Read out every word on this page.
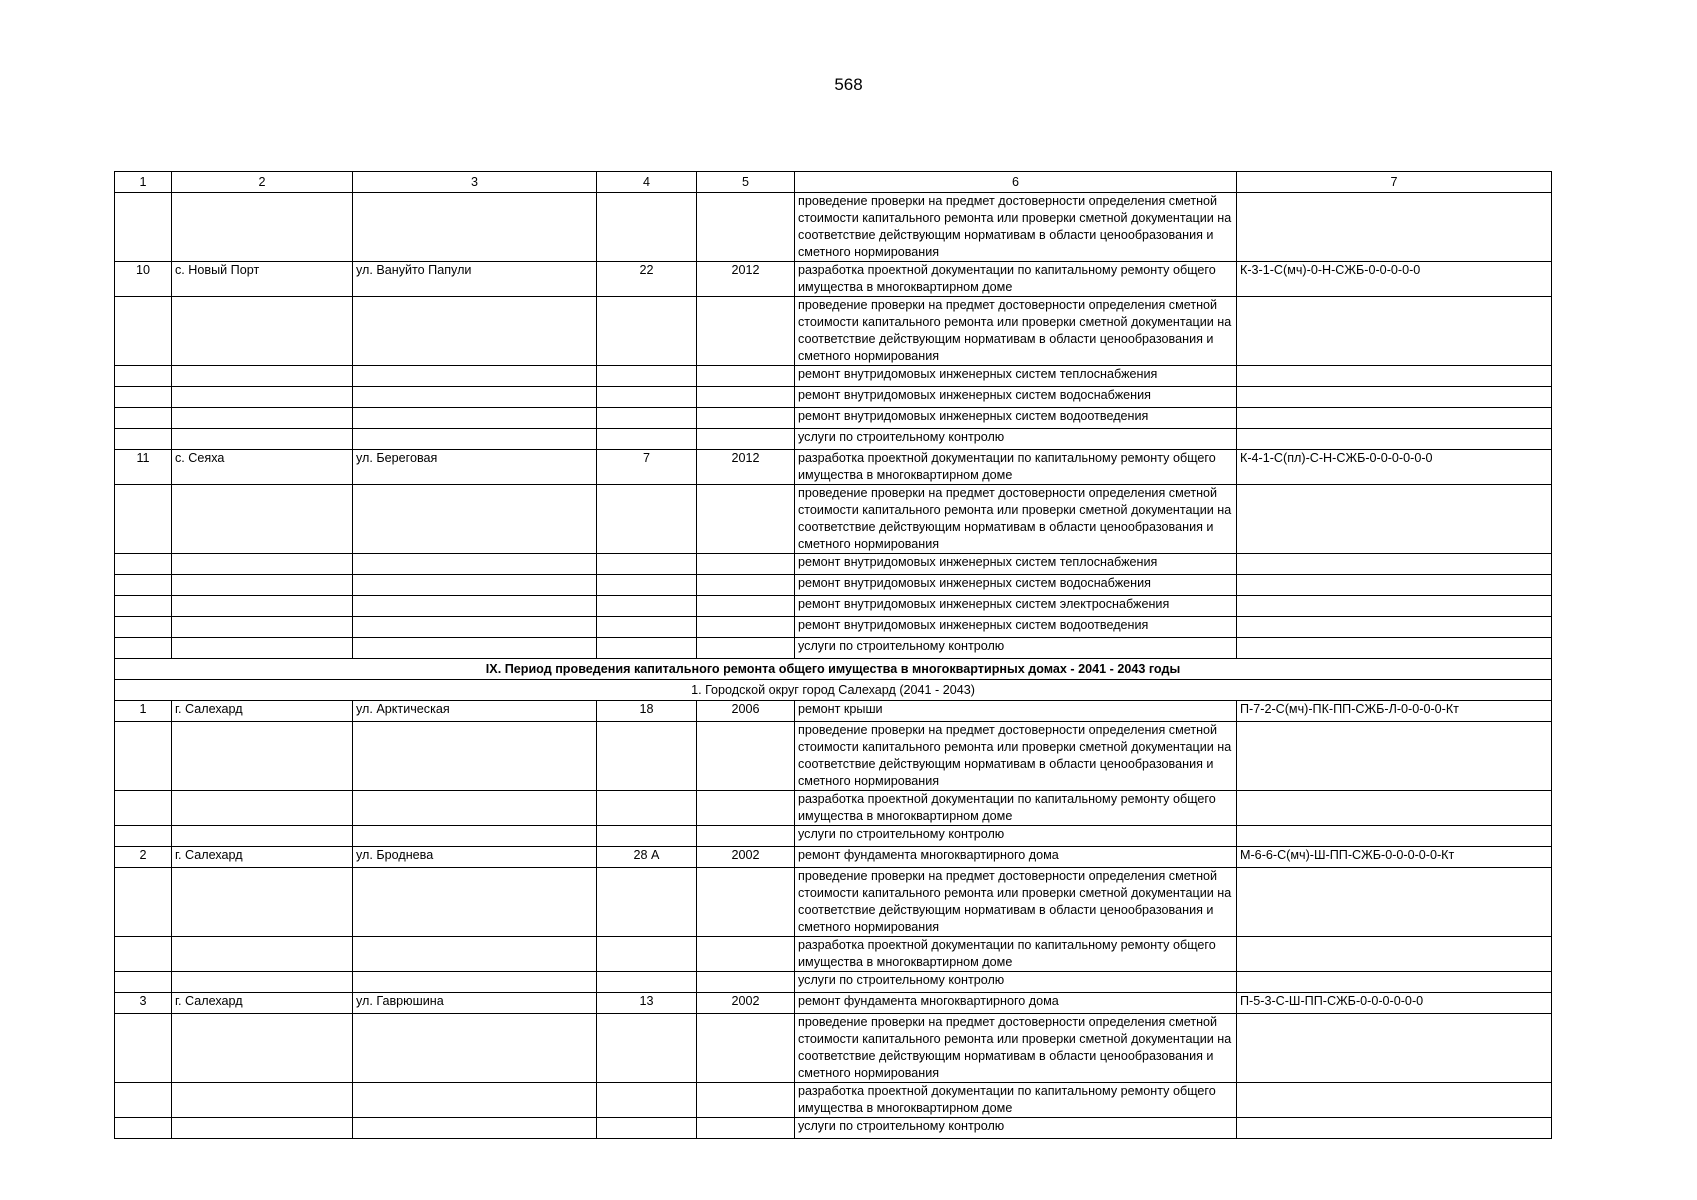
568
1	2	3	4	5	6	7
					проведение проверки на предмет достоверности определения сметной стоимости капитального ремонта или проверки сметной документации на соответствие действующим нормативам в области ценообразования и сметного нормирования	
10	с. Новый Порт	ул. Вануйто Папули	22	2012	разработка проектной документации по капитальному ремонту общего имущества в многоквартирном доме	К-3-1-С(мч)-0-Н-СЖБ-0-0-0-0-0
					проведение проверки на предмет достоверности определения сметной стоимости капитального ремонта или проверки сметной документации на соответствие действующим нормативам в области ценообразования и сметного нормирования	
					ремонт внутридомовых инженерных систем теплоснабжения	
					ремонт внутридомовых инженерных систем водоснабжения	
					ремонт внутридомовых инженерных систем водоотведения	
					услуги по строительному контролю	
11	с. Сеяха	ул. Береговая	7	2012	разработка проектной документации по капитальному ремонту общего имущества в многоквартирном доме	К-4-1-С(пл)-С-Н-СЖБ-0-0-0-0-0-0
					проведение проверки на предмет достоверности определения сметной стоимости капитального ремонта или проверки сметной документации на соответствие действующим нормативам в области ценообразования и сметного нормирования	
					ремонт внутридомовых инженерных систем теплоснабжения	
					ремонт внутридомовых инженерных систем водоснабжения	
					ремонт внутридомовых инженерных систем электроснабжения	
					ремонт внутридомовых инженерных систем водоотведения	
					услуги по строительному контролю	
IX. Период проведения капитального ремонта общего имущества в многоквартирных домах - 2041 - 2043 годы						
1. Городской округ город Салехард (2041 - 2043)						
1	г. Салехард	ул. Арктическая	18	2006	ремонт крыши	П-7-2-С(мч)-ПК-ПП-СЖБ-Л-0-0-0-0-Кт
					проведение проверки на предмет достоверности определения сметной стоимости капитального ремонта или проверки сметной документации на соответствие действующим нормативам в области ценообразования и сметного нормирования	
					разработка проектной документации по капитальному ремонту общего имущества в многоквартирном доме	
					услуги по строительному контролю	
2	г. Салехард	ул. Броднева	28 А	2002	ремонт фундамента многоквартирного дома	М-6-6-С(мч)-Ш-ПП-СЖБ-0-0-0-0-0-Кт
					проведение проверки на предмет достоверности определения сметной стоимости капитального ремонта или проверки сметной документации на соответствие действующим нормативам в области ценообразования и сметного нормирования	
					разработка проектной документации по капитальному ремонту общего имущества в многоквартирном доме	
					услуги по строительному контролю	
3	г. Салехард	ул. Гаврюшина	13	2002	ремонт фундамента многоквартирного дома	П-5-3-С-Ш-ПП-СЖБ-0-0-0-0-0-0
					проведение проверки на предмет достоверности определения сметной стоимости капитального ремонта или проверки сметной документации на соответствие действующим нормативам в области ценообразования и сметного нормирования	
					разработка проектной документации по капитальному ремонту общего имущества в многоквартирном доме	
					услуги по строительному контролю	
